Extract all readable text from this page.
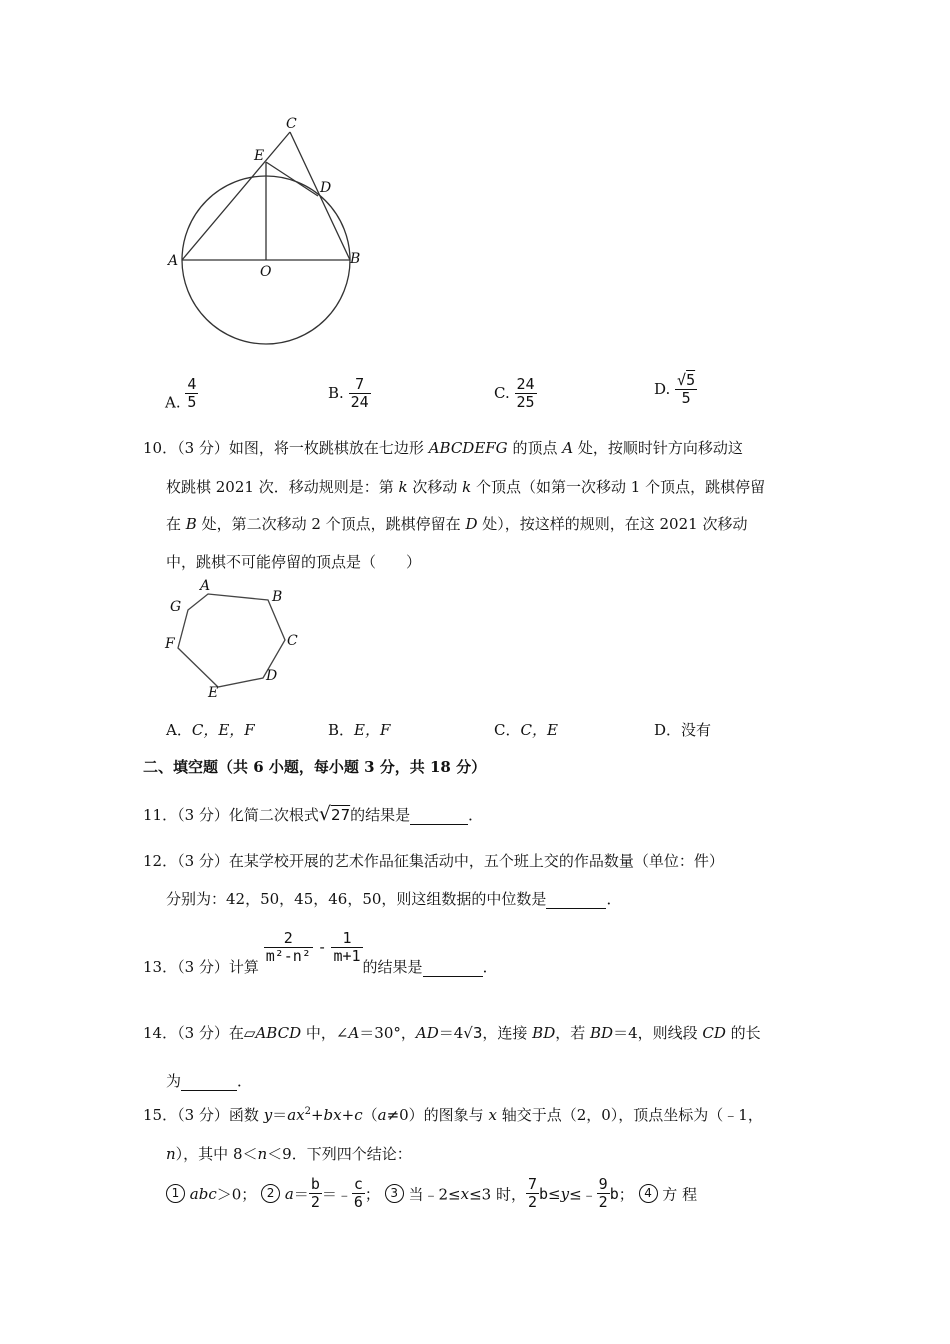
A	B
C
D
E
O
A. $\frac{4}{5}$	B. $\frac{7}{24}$	C. $\frac{24}{25}$	D. $\frac{√5}{5}$
10．（3 分）如图，将一枚跳棋放在七边形 ABCDEFG 的顶点 A 处，按顺时针方向移动这
枚跳棋 2021 次．移动规则是：第 k 次移动 k 个顶点（如第一次移动 1 个顶点，跳棋停留
在 B 处，第二次移动 2 个顶点，跳棋停留在 D 处），按这样的规则，在这 2021 次移动
中，跳棋不可能停留的顶点是（　　）
A
B
C
D
E
F
G
A．C，E，F	B．E，F	C．C，E	D．没有
二、填空题（共 6 小题，每小题 3 分，共 18 分）
11．（3 分）化简二次根式√27的结果是	．
12．（3 分）在某学校开展的艺术作品征集活动中，五个班上交的作品数量（单位：件）
分别为：42，50，45，46，50，则这组数据的中位数是	．
13．（3 分）计算
$\frac{2}{\text{m²-n²}} - \frac{1}{m+1}$
的结果是	．
14．（3 分）在▱ABCD 中，∠A＝30°，AD＝4√3，连接 BD，若 BD＝4，则线段 CD 的长
为	．
15．（3 分）函数 $y=ax^2+bx+c(a\ne 0)$的图象与 x 轴交于点（2，0），顶点坐标为（﹣1，
n），其中 8＜n＜9．下列四个结论：
1 abc＞0； 2 $a= \frac{b}{2}$ ＝﹣ $\frac{c}{6}$ ； 3 当﹣2≤x≤3 时， $\frac{7}{2}$ b≤y≤﹣ $\frac{9}{2}$ b； 4 方 程
